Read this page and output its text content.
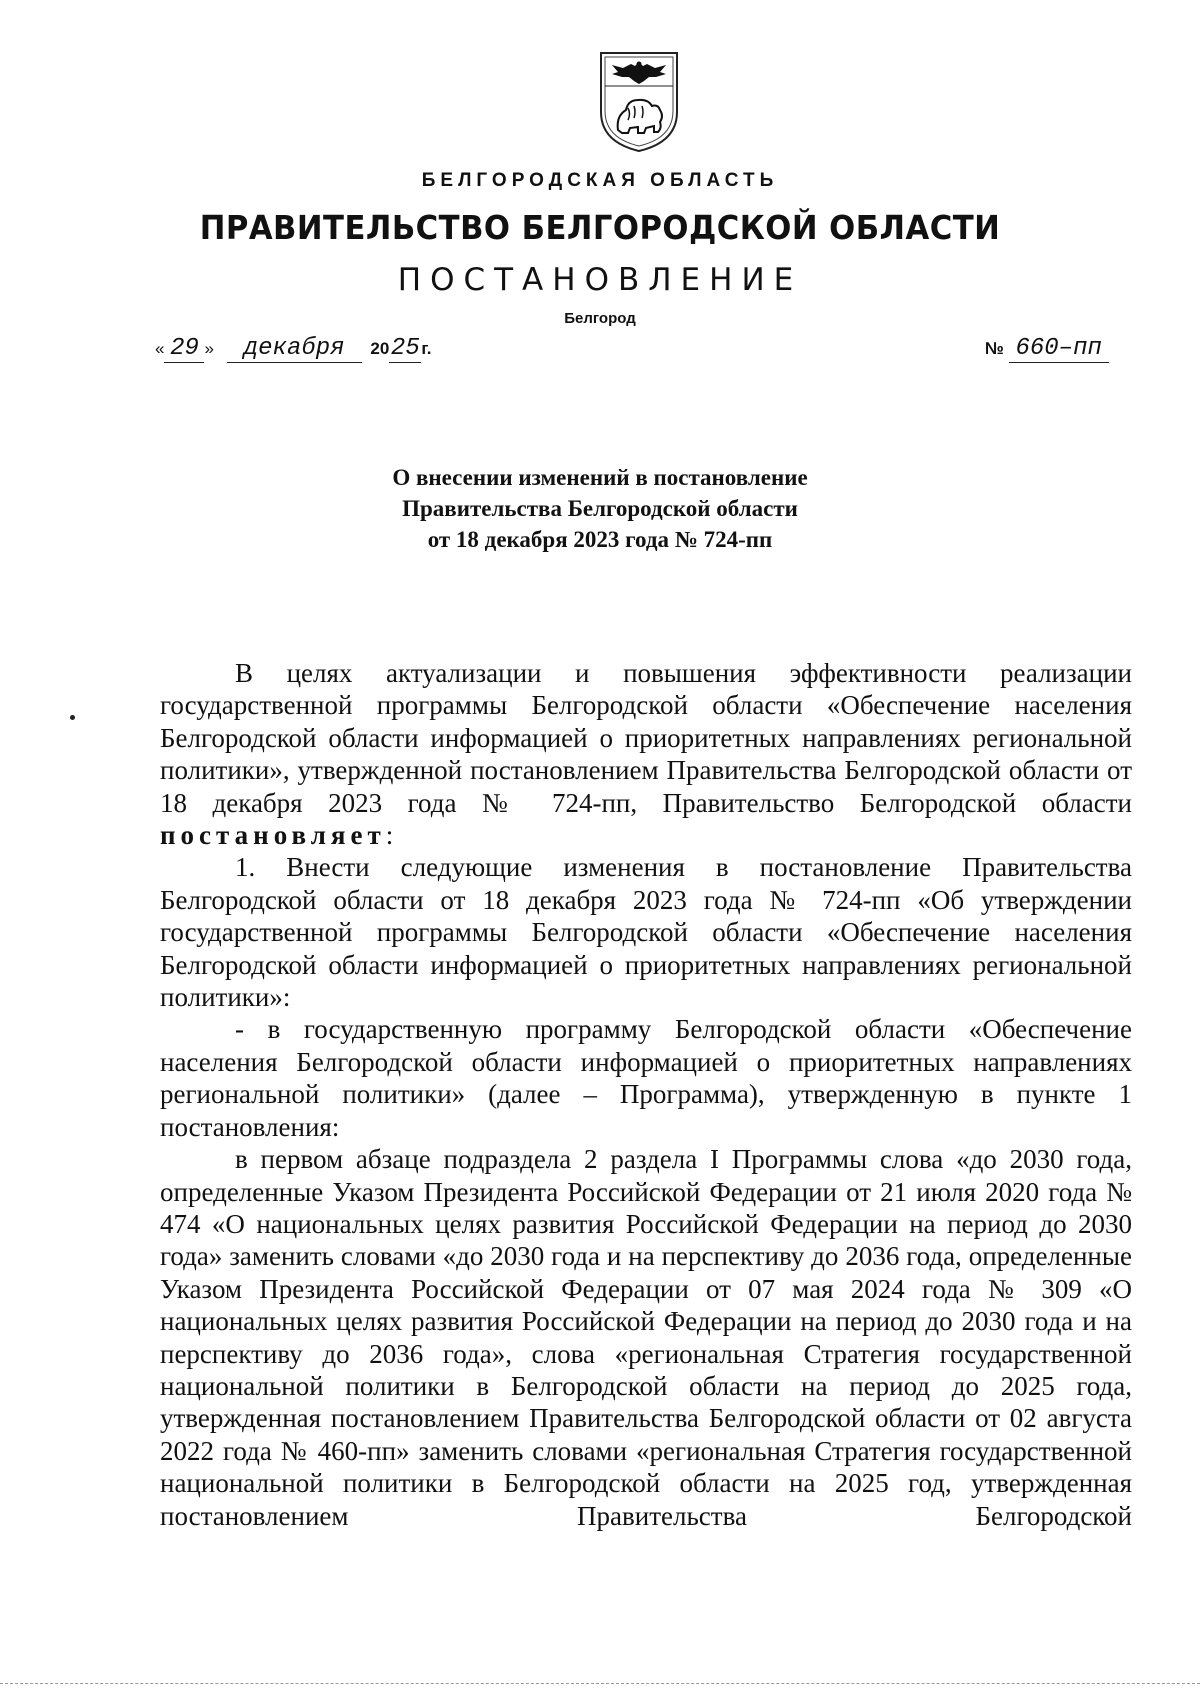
БЕЛГОРОДСКАЯ ОБЛАСТЬ
ПРАВИТЕЛЬСТВО БЕЛГОРОДСКОЙ ОБЛАСТИ
ПОСТАНОВЛЕНИЕ
Белгород
« 29 » декабря 2025г.	№ 660–пп
О внесении изменений в постановление
Правительства Белгородской области
от 18 декабря 2023 года № 724-пп

В целях актуализации и повышения эффективности реализации государственной программы Белгородской области «Обеспечение населения Белгородской области информацией о приоритетных направлениях региональной политики», утвержденной постановлением Правительства Белгородской области от 18 декабря 2023 года № 724-пп, Правительство Белгородской области постановляет:

1. Внести следующие изменения в постановление Правительства Белгородской области от 18 декабря 2023 года № 724-пп «Об утверждении государственной программы Белгородской области «Обеспечение населения Белгородской области информацией о приоритетных направлениях региональной политики»:

- в государственную программу Белгородской области «Обеспечение населения Белгородской области информацией о приоритетных направлениях региональной политики» (далее – Программа), утвержденную в пункте 1 постановления:

в первом абзаце подраздела 2 раздела I Программы слова «до 2030 года, определенные Указом Президента Российской Федерации от 21 июля 2020 года № 474 «О национальных целях развития Российской Федерации на период до 2030 года» заменить словами «до 2030 года и на перспективу до 2036 года, определенные Указом Президента Российской Федерации от 07 мая 2024 года № 309 «О национальных целях развития Российской Федерации на период до 2030 года и на перспективу до 2036 года», слова «региональная Стратегия государственной национальной политики в Белгородской области на период до 2025 года, утвержденная постановлением Правительства Белгородской области от 02 августа 2022 года № 460-пп» заменить словами «региональная Стратегия государственной национальной политики в Белгородской области на 2025 год, утвержденная постановлением Правительства Белгородской
